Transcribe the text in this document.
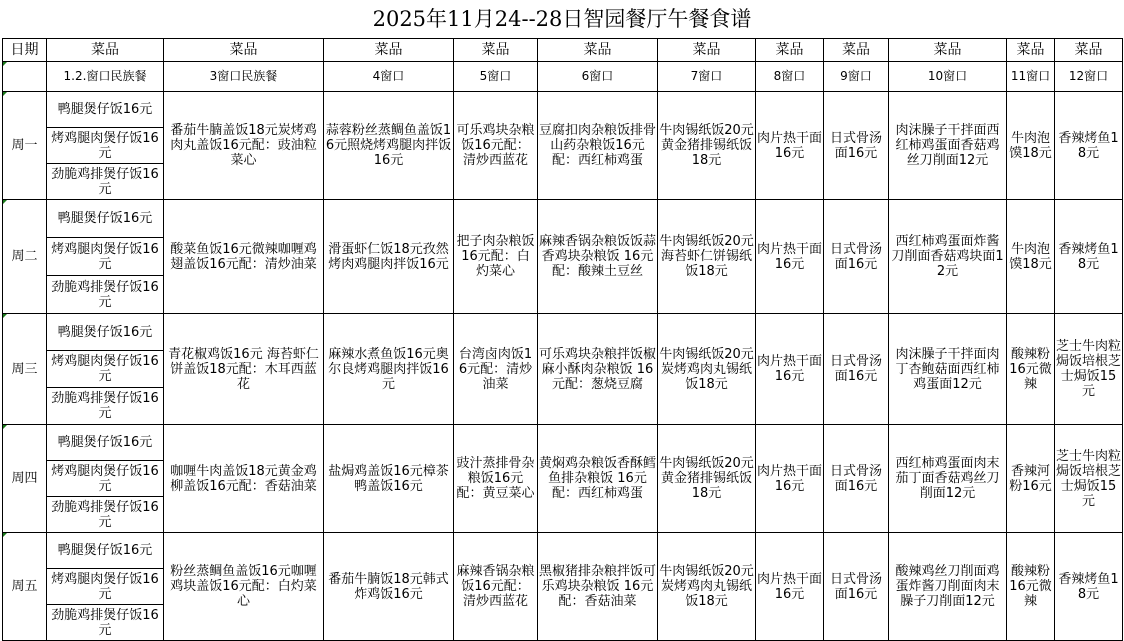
2025年11月24--28日智园餐厅午餐食谱
日期	菜品	菜品	菜品	菜品	菜品	菜品	菜品	菜品	菜品	菜品	菜品

	1.2.窗口民族餐	3窗口民族餐	4窗口	5窗口	6窗口	7窗口	8窗口	9窗口	10窗口	11窗口	12窗口
周一	鸭腿煲仔饭16元	番茄牛腩盖饭18元炭烤鸡肉丸盖饭16元配：豉油粒菜心	蒜蓉粉丝蒸鲷鱼盖饭16元照烧烤鸡腿肉拌饭16元	可乐鸡块杂粮饭16元配：清炒西蓝花	豆腐扣肉杂粮饭排骨山药杂粮饭16元配：西红柿鸡蛋	牛肉锡纸饭20元黄金猪排锡纸饭18元	肉片热干面16元	日式骨汤面16元	肉沫臊子干拌面西红柿鸡蛋面香菇鸡丝刀削面12元	牛肉泡馍18元	香辣烤鱼18元
	烤鸡腿肉煲仔饭16元										
	劲脆鸡排煲仔饭16元										
周二	鸭腿煲仔饭16元	酸菜鱼饭16元微辣咖喱鸡翅盖饭16元配：清炒油菜	滑蛋虾仁饭18元孜然烤肉鸡腿肉拌饭16元	把子肉杂粮饭16元配：白灼菜心	麻辣香锅杂粮饭饭蒜香鸡块杂粮饭 16元配：酸辣土豆丝	牛肉锡纸饭20元海苔虾仁饼锡纸饭18元	肉片热干面16元	日式骨汤面16元	西红柿鸡蛋面炸酱刀削面香菇鸡块面12元	牛肉泡馍18元	香辣烤鱼18元
	烤鸡腿肉煲仔饭16元										
	劲脆鸡排煲仔饭16元										
周三	鸭腿煲仔饭16元	青花椒鸡饭16元 海苔虾仁饼盖饭18元配：木耳西蓝花	麻辣水煮鱼饭16元奥尔良烤鸡腿肉拌饭16元	台湾卤肉饭16元配：清炒油菜	可乐鸡块杂粮拌饭椒麻小酥肉杂粮饭 16元配：葱烧豆腐	牛肉锡纸饭20元炭烤鸡肉丸锡纸饭18元	肉片热干面16元	日式骨汤面16元	肉沫臊子干拌面肉丁杏鲍菇面西红柿鸡蛋面12元	酸辣粉16元微辣	芝士牛肉粒焗饭培根芝士焗饭15元
	烤鸡腿肉煲仔饭16元										
	劲脆鸡排煲仔饭16元										
周四	鸭腿煲仔饭16元	咖喱牛肉盖饭18元黄金鸡柳盖饭16元配：香菇油菜	盐焗鸡盖饭16元樟茶鸭盖饭16元	豉汁蒸排骨杂粮饭16元配：黄豆菜心	黄焖鸡杂粮饭香酥鳕鱼排杂粮饭 16元配：西红柿鸡蛋	牛肉锡纸饭20元黄金猪排锡纸饭18元	肉片热干面16元	日式骨汤面16元	西红柿鸡蛋面肉末茄丁面香菇鸡丝刀削面12元	香辣河粉16元	芝士牛肉粒焗饭培根芝士焗饭15元
	烤鸡腿肉煲仔饭16元										
	劲脆鸡排煲仔饭16元										
周五	鸭腿煲仔饭16元	粉丝蒸鲷鱼盖饭16元咖喱鸡块盖饭16元配：白灼菜心	番茄牛腩饭18元韩式炸鸡饭16元	麻辣香锅杂粮饭16元配：清炒西蓝花	黑椒猪排杂粮拌饭可乐鸡块杂粮饭 16元配：香菇油菜	牛肉锡纸饭20元炭烤鸡肉丸锡纸饭18元	肉片热干面16元	日式骨汤面16元	酸辣鸡丝刀削面鸡蛋炸酱刀削面肉末臊子刀削面12元	酸辣粉16元微辣	香辣烤鱼18元
	烤鸡腿肉煲仔饭16元										
	劲脆鸡排煲仔饭16元										
